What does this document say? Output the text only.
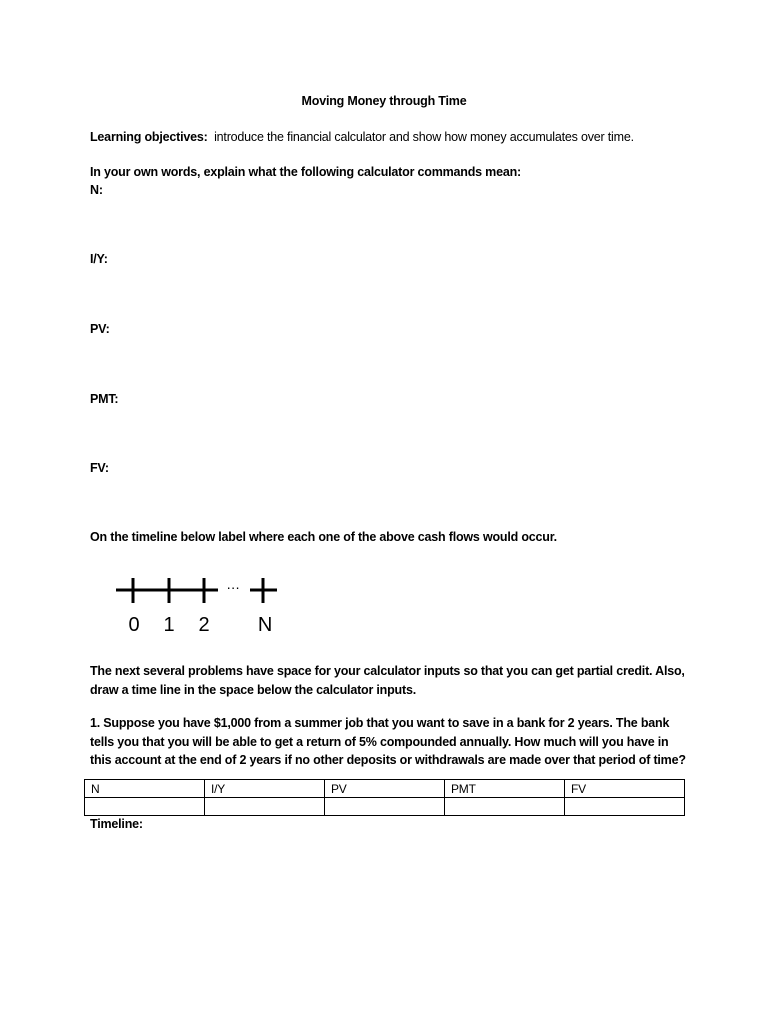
Moving Money through Time
Learning objectives:  introduce the financial calculator and show how money accumulates over time.
In your own words, explain what the following calculator commands mean:
N:
I/Y:
PV:
PMT:
FV:
On the timeline below label where each one of the above cash flows would occur.
…
0 1 2 N
The next several problems have space for your calculator inputs so that you can get partial credit. Also,
draw a time line in the space below the calculator inputs.
1. Suppose you have $1,000 from a summer job that you want to save in a bank for 2 years. The bank
tells you that you will be able to get a return of 5% compounded annually. How much will you have in
this account at the end of 2 years if no other deposits or withdrawals are made over that period of time?
N	I/Y	PV	PMT	FV

Timeline:
